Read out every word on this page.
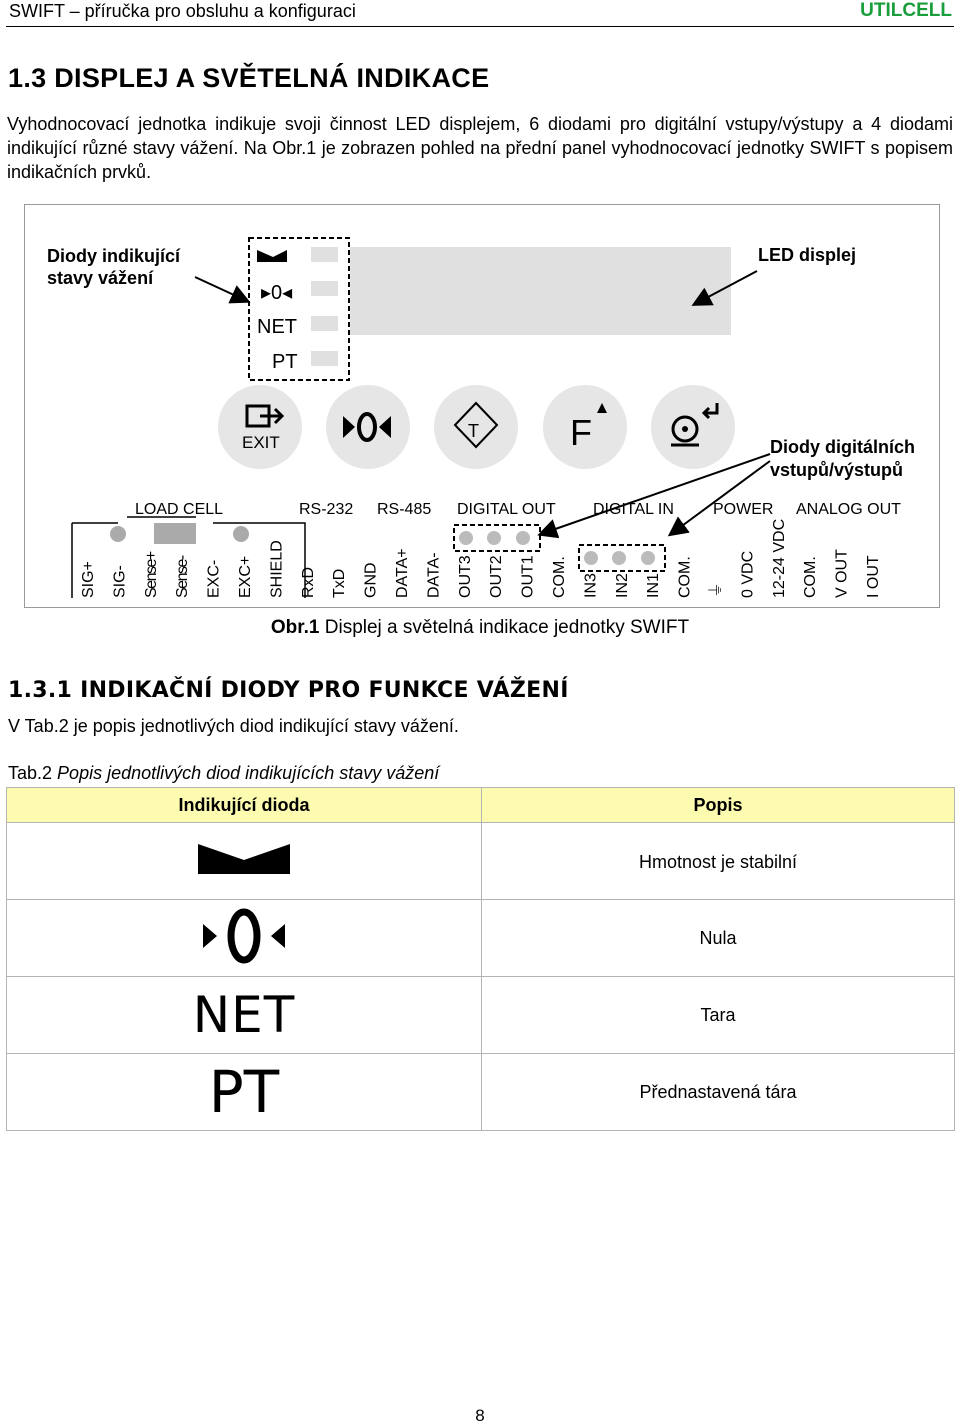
SWIFT – příručka pro obsluhu a konfiguraci	UTILCELL
1.3 DISPLEJ A SVĚTELNÁ INDIKACE
Vyhodnocovací jednotka indikuje svoji činnost LED displejem, 6 diodami pro digitální vstupy/výstupy a 4 diodami indikující různé stavy vážení. Na Obr.1 je zobrazen pohled na přední panel vyhodnocovací jednotky SWIFT s popisem indikačních prvků.
▸0◂
NET
PT
Diody indikující
stavy vážení
LED displej
Diody digitálních
vstupů/výstupů
EXIT
T	F
LOAD CELL	RS-232 RS-485 DIGITAL OUT DIGITAL IN POWER ANALOG OUT
SIG+ SIG- Sense+ Sense- EXC- EXC+ SHIELD RxD TxD GND DATA+ DATA- OUT3 OUT2 OUT1 COM. IN3 IN2 IN1 COM. ⏚ 0 VDC 12-24 VDC COM. V OUT I OUT
Obr.1 Displej a světelná indikace jednotky SWIFT
1.3.1 INDIKAČNÍ DIODY PRO FUNKCE VÁŽENÍ
V Tab.2 je popis jednotlivých diod indikující stavy vážení.
Tab.2 Popis jednotlivých diod indikujících stavy vážení
Indikující dioda	Popis
	Hmotnost je stabilní
	Nula
NET	Tara
PT	Přednastavená tára
8
